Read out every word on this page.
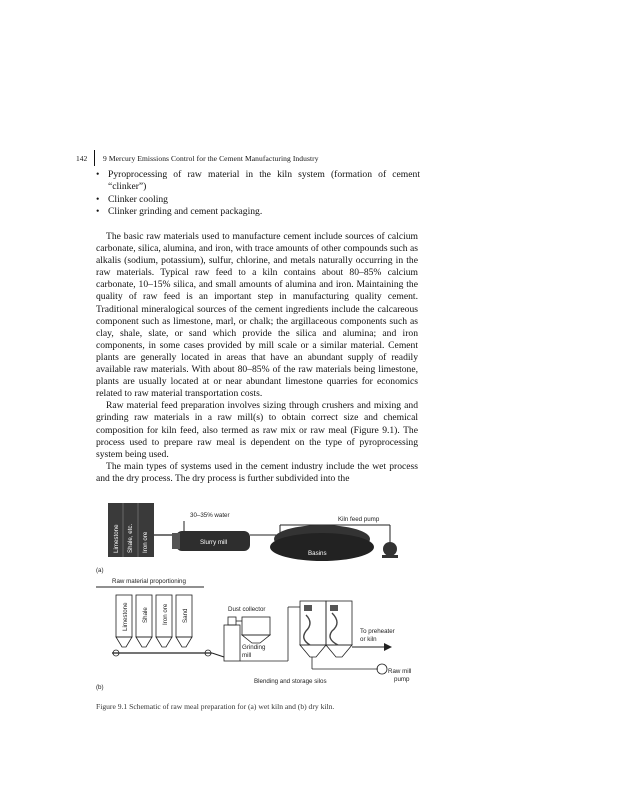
142	9 Mercury Emissions Control for the Cement Manufacturing Industry
• Pyroprocessing of raw material in the kiln system (formation of cement “clinker”)
• Clinker cooling
• Clinker grinding and cement packaging.

The basic raw materials used to manufacture cement include sources of calcium carbonate, silica, alumina, and iron, with trace amounts of other compounds such as alkalis (sodium, potassium), sulfur, chlorine, and metals naturally occurring in the raw materials. Typical raw feed to a kiln contains about 80–85% calcium carbonate, 10–15% silica, and small amounts of alumina and iron. Maintaining the quality of raw feed is an important step in manufacturing quality cement. Traditional mineralogical sources of the cement ingredients include the calcareous component such as limestone, marl, or chalk; the argillaceous components such as clay, shale, slate, or sand which provide the silica and alumina; and iron components, in some cases provided by mill scale or a similar material. Cement plants are generally located in areas that have an abundant supply of readily available raw materials. With about 80–85% of the raw materials being limestone, plants are usually located at or near abundant limestone quarries for economics related to raw material transportation costs.

Raw material feed preparation involves sizing through crushers and mixing and grinding raw materials in a raw mill(s) to obtain correct size and chemical composition for kiln feed, also termed as raw mix or raw meal (Figure 9.1). The process used to prepare raw meal is dependent on the type of pyroprocessing system being used.

The main types of systems used in the cement industry include the wet process and the dry process. The dry process is further subdivided into the

Limestone Shale, etc. Iron ore
30–35% water
Slurry mill
Kiln feed pump
Basins
(a)
Raw material proportioning
Limestone Shale Iron ore Sand
Grinding
mill
Dust collector
Blending and storage silos
Raw mill
pump
To preheater
or kiln
(b)
Figure 9.1 Schematic of raw meal preparation for (a) wet kiln and (b) dry kiln.
